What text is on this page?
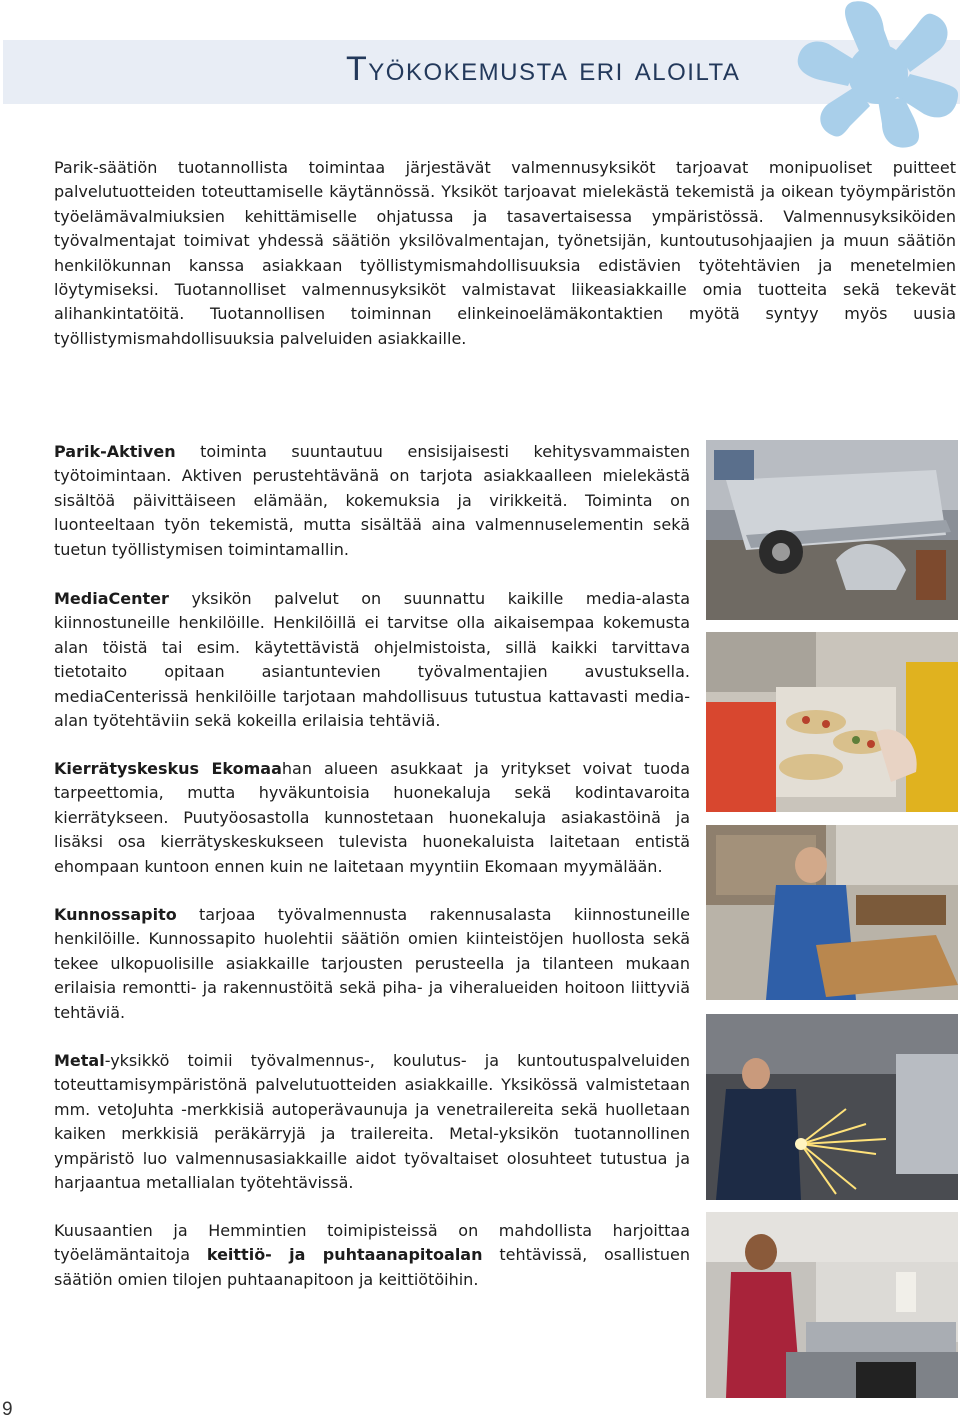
Työkokemusta eri aloilta

Parik-säätiön tuotannollista toimintaa järjestävät valmennusyksiköt tarjoavat monipuoliset puitteet palvelutuotteiden toteuttamiselle käytännössä. Yksiköt tarjoavat mielekästä tekemistä ja oikean työympäristön työelämävalmiuksien kehittämiselle ohjatussa ja tasavertaisessa ympäristössä. Valmennusyksiköiden työvalmentajat toimivat yhdessä säätiön yksilövalmentajan, työnetsijän, kuntoutusohjaajien ja muun säätiön henkilökunnan kanssa asiakkaan työllistymismahdollisuuksia edistävien työtehtävien ja menetelmien löytymiseksi. Tuotannolliset valmennusyksiköt valmistavat liikeasiakkaille omia tuotteita sekä tekevät alihankintatöitä. Tuotannollisen toiminnan elinkeinoelämäkontaktien myötä syntyy myös uusia työllistymismahdollisuuksia palveluiden asiakkaille.

Parik-Aktiven toiminta suuntautuu ensisijaisesti kehitysvammaisten työtoimintaan. Aktiven perustehtävänä on tarjota asiakkaalleen mielekästä sisältöä päivittäiseen elämään, kokemuksia ja virikkeitä. Toiminta on luonteeltaan työn tekemistä, mutta sisältää aina valmennuselementin sekä tuetun työllistymisen toimintamallin.

MediaCenter yksikön palvelut on suunnattu kaikille media-alasta kiinnostuneille henkilöille. Henkilöillä ei tarvitse olla aikaisempaa kokemusta alan töistä tai esim. käytettävistä ohjelmistoista, sillä kaikki tarvittava tietotaito opitaan asiantuntevien työvalmentajien avustuksella. mediaCenterissä henkilöille tarjotaan mahdollisuus tutustua kattavasti media-alan työtehtäviin sekä kokeilla erilaisia tehtäviä.

Kierrätyskeskus Ekomaahan alueen asukkaat ja yritykset voivat tuoda tarpeettomia, mutta hyväkuntoisia huonekaluja sekä kodintavaroita kierrätykseen. Puutyöosastolla kunnostetaan huonekaluja asiakastöinä ja lisäksi osa kierrätyskeskukseen tulevista huonekaluista laitetaan entistä ehompaan kuntoon ennen kuin ne laitetaan myyntiin Ekomaan myymälään.

Kunnossapito tarjoaa työvalmennusta rakennusalasta kiinnostuneille henkilöille. Kunnossapito huolehtii säätiön omien kiinteistöjen huollosta sekä tekee ulkopuolisille asiakkaille tarjousten perusteella ja tilanteen mukaan erilaisia remontti- ja rakennustöitä sekä piha- ja viheralueiden hoitoon liittyviä tehtäviä.

Metal-yksikkö toimii työvalmennus-, koulutus- ja kuntoutuspalveluiden toteuttamisympäristönä palvelutuotteiden asiakkaille. Yksikössä valmistetaan mm. vetoJuhta -merkkisiä autoperävaunuja ja venetrailereita sekä huolletaan kaiken merkkisiä peräkärryjä ja trailereita. Metal-yksikön tuotannollinen ympäristö luo valmennusasiakkaille aidot työvaltaiset olosuhteet tutustua ja harjaantua metallialan työtehtävissä.

Kuusaantien ja Hemmintien toimipisteissä on mahdollista harjoittaa työelämäntaitoja keittiö- ja puhtaanapitoalan tehtävissä, osallistuen säätiön omien tilojen puhtaanapitoon ja keittiötöihin.

9
